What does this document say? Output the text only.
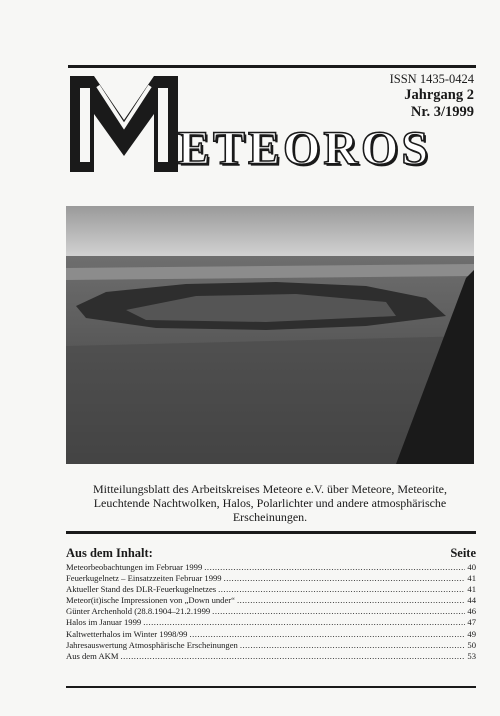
ISSN 1435-0424
Jahrgang 2
Nr. 3/1999
ETEOROS
Mitteilungsblatt des Arbeitskreises Meteore e.V. über Meteore, Meteorite, Leuchtende Nachtwolken, Halos, Polarlichter und andere atmosphärische Erscheinungen.
Aus dem Inhalt:	Seite
Meteorbeobachtungen im Februar 1999 .....	40
Feuerkugelnetz – Einsatzzeiten Februar 1999 .....	41
Aktueller Stand des DLR-Feuerkugelnetzes .....	41
Meteor(it)ische Impressionen von „Down under“ .....	44
Günter Archenhold (28.8.1904–21.2.1999 .....	46
Halos im Januar 1999 .....	47
Kaltwetterhalos im Winter 1998/99 .....	49
Jahresauswertung Atmosphärische Erscheinungen .....	50
Aus dem AKM .....	53
